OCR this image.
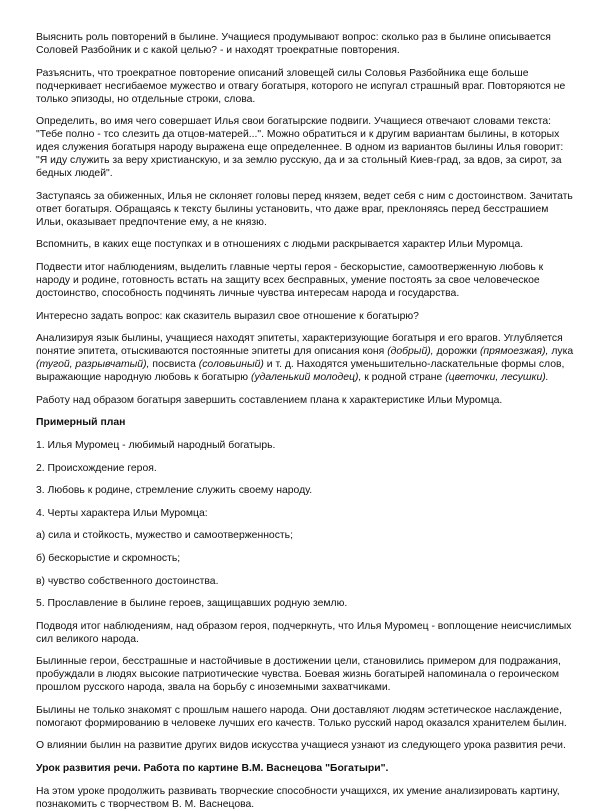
Выяснить роль повторений в былине. Учащиеся продумывают вопрос: сколько раз в былине описывается Соловей Разбойник и с какой целью? - и находят троекратные повторения.

Разъяснить, что троекратное повторение описаний зловещей силы Соловья Разбойника еще больше подчеркивает несгибаемое мужество и отвагу богатыря, которого не испугал страшный враг. Повторяются не только эпизоды, но отдельные строки, слова.

Определить, во имя чего совершает Илья свои богатырские подвиги. Учащиеся отвечают словами текста: "Тебе полно - тсо слезить да отцов-матерей...". Можно обратиться и к другим вариантам былины, в которых идея служения богатыря народу выражена еще определеннее. В одном из вариантов былины Илья говорит: "Я иду служить за веру христианскую, и за землю русскую, да и за стольный Киев-град, за вдов, за сирот, за бедных людей".

Заступаясь за обиженных, Илья не склоняет головы перед князем, ведет себя с ним с достоинством. Зачитать ответ богатыря. Обращаясь к тексту былины установить, что даже враг, преклоняясь перед бесстрашием Ильи, оказывает предпочтение ему, а не князю.

Вспомнить, в каких еще поступках и в отношениях с людьми раскрывается характер Ильи Муромца.

Подвести итог наблюдениям, выделить главные черты героя - бескорыстие, самоотверженную любовь к народу и родине, готовность встать на защиту всех бесправных, умение постоять за свое человеческое достоинство, способность подчинять личные чувства интересам народа и государства.

Интересно задать вопрос: как сказитель выразил свое отношение к богатырю?

Анализируя язык былины, учащиеся находят эпитеты, характеризующие богатыря и его врагов. Углубляется понятие эпитета, отыскиваются постоянные эпитеты для описания коня (добрый), дорожки (прямоезжая), лука (тугой, разрывчатый), посвиста (соловьиный) и т. д. Находятся уменьшительно-ласкательные формы слов, выражающие народную любовь к богатырю (удаленький молодец), к родной стране (цветочки, лесушки).

Работу над образом богатыря завершить составлением плана к характеристике Ильи Муромца.

Примерный план

1. Илья Муромец - любимый народный богатырь.

2. Происхождение героя.

3. Любовь к родине, стремление служить своему народу.

4. Черты характера Ильи Муромца:

а) сила и стойкость, мужество и самоотверженность;

б) бескорыстие и скромность;

в) чувство собственного достоинства.

5. Прославление в былине героев, защищавших родную землю.

Подводя итог наблюдениям, над образом героя, подчеркнуть, что Илья Муромец - воплощение неисчислимых сил великого народа.

Былинные герои, бесстрашные и настойчивые в достижении цели, становились примером для подражания, пробуждали в людях высокие патриотические чувства. Боевая жизнь богатырей напоминала о героическом прошлом русского народа, звала на борьбу с иноземными захватчиками.

Былины не только знакомят с прошлым нашего народа. Они доставляют людям эстетическое наслаждение, помогают формированию в человеке лучших его качеств. Только русский народ оказался хранителем былин.

О влиянии былин на развитие других видов искусства учащиеся узнают из следующего урока развития речи.

Урок развития речи. Работа по картине В.М. Васнецова "Богатыри".

На этом уроке продолжить развивать творческие способности учащихся, их умение анализировать картину, познакомить с творчеством В. М. Васнецова.
